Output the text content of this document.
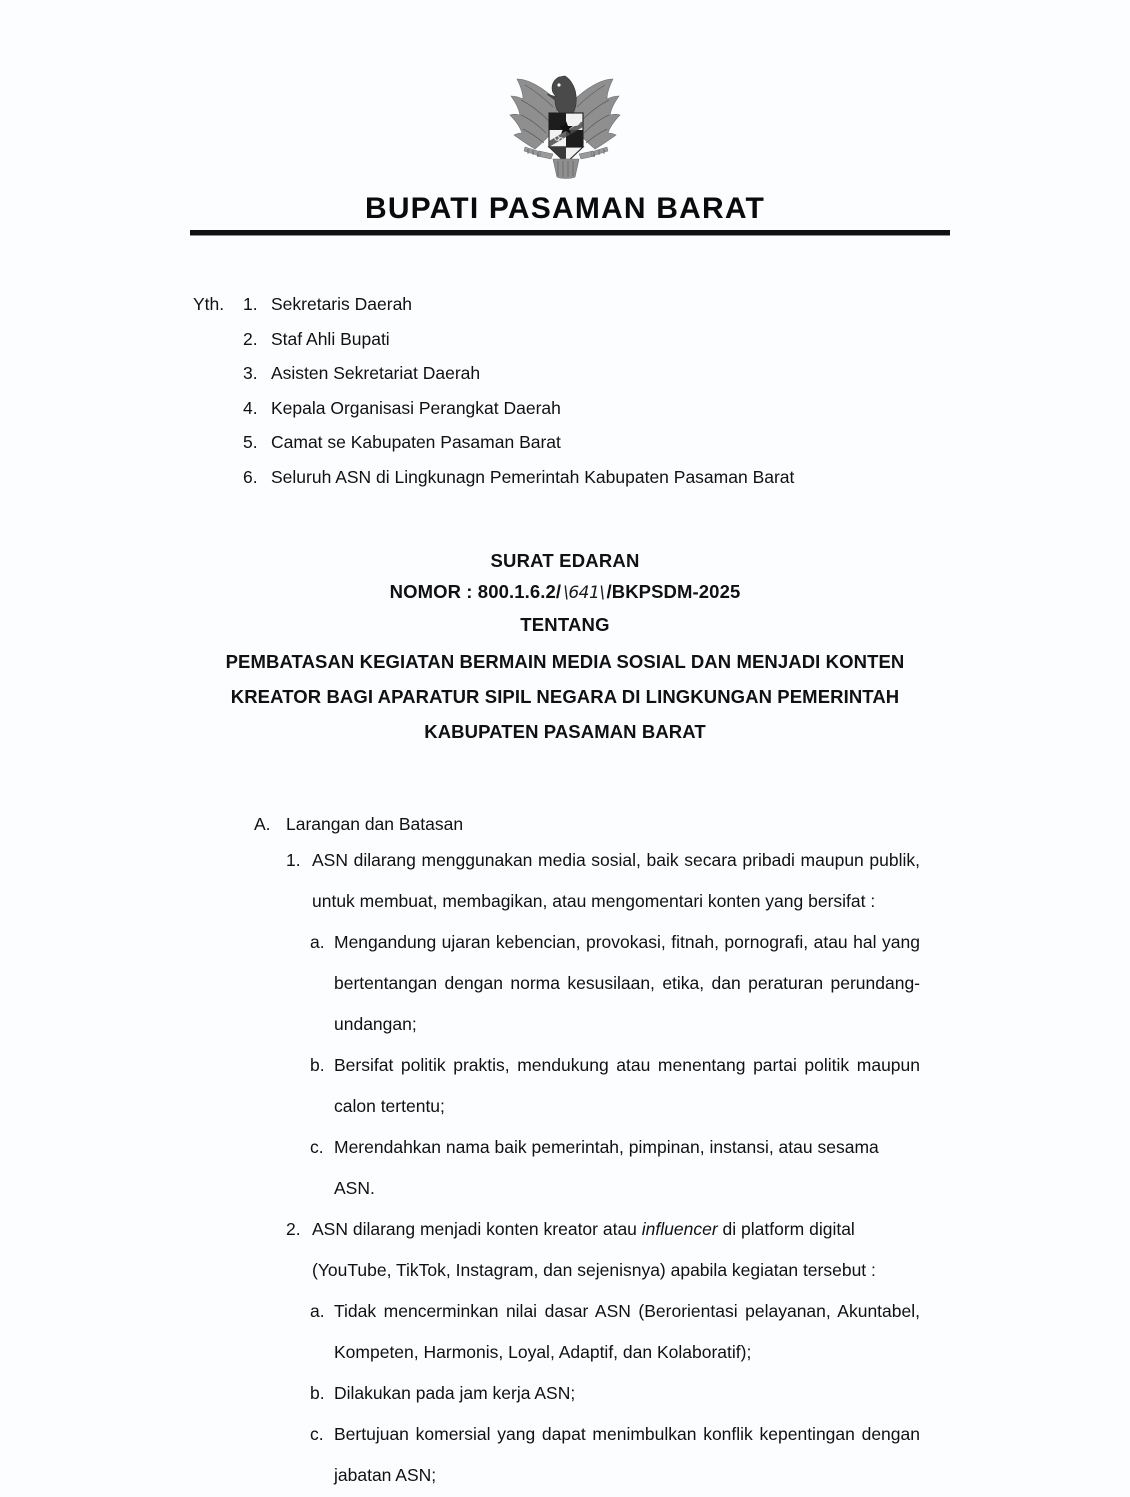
BUPATI PASAMAN BARAT
Yth.	1. Sekretaris Daerah
2. Staf Ahli Bupati
3. Asisten Sekretariat Daerah
4. Kepala Organisasi Perangkat Daerah
5. Camat se Kabupaten Pasaman Barat
6. Seluruh ASN di Lingkunagn Pemerintah Kabupaten Pasaman Barat
SURAT EDARAN
NOMOR : 800.1.6.2/ \641\ /BKPSDM-2025
TENTANG
PEMBATASAN KEGIATAN BERMAIN MEDIA SOSIAL DAN MENJADI KONTEN
KREATOR BAGI APARATUR SIPIL NEGARA DI LINGKUNGAN PEMERINTAH
KABUPATEN PASAMAN BARAT
A. Larangan dan Batasan
1. ASN dilarang menggunakan media sosial, baik secara pribadi maupun publik, untuk membuat, membagikan, atau mengomentari konten yang bersifat :
a. Mengandung ujaran kebencian, provokasi, fitnah, pornografi, atau hal yang bertentangan dengan norma kesusilaan, etika, dan peraturan perundang-undangan;
b. Bersifat politik praktis, mendukung atau menentang partai politik maupun calon tertentu;
c. Merendahkan nama baik pemerintah, pimpinan, instansi, atau sesama ASN.
2. ASN dilarang menjadi konten kreator atau influencer di platform digital (YouTube, TikTok, Instagram, dan sejenisnya) apabila kegiatan tersebut :
a. Tidak mencerminkan nilai dasar ASN (Berorientasi pelayanan, Akuntabel, Kompeten, Harmonis, Loyal, Adaptif, dan Kolaboratif);
b. Dilakukan pada jam kerja ASN;
c. Bertujuan komersial yang dapat menimbulkan konflik kepentingan dengan jabatan ASN;
